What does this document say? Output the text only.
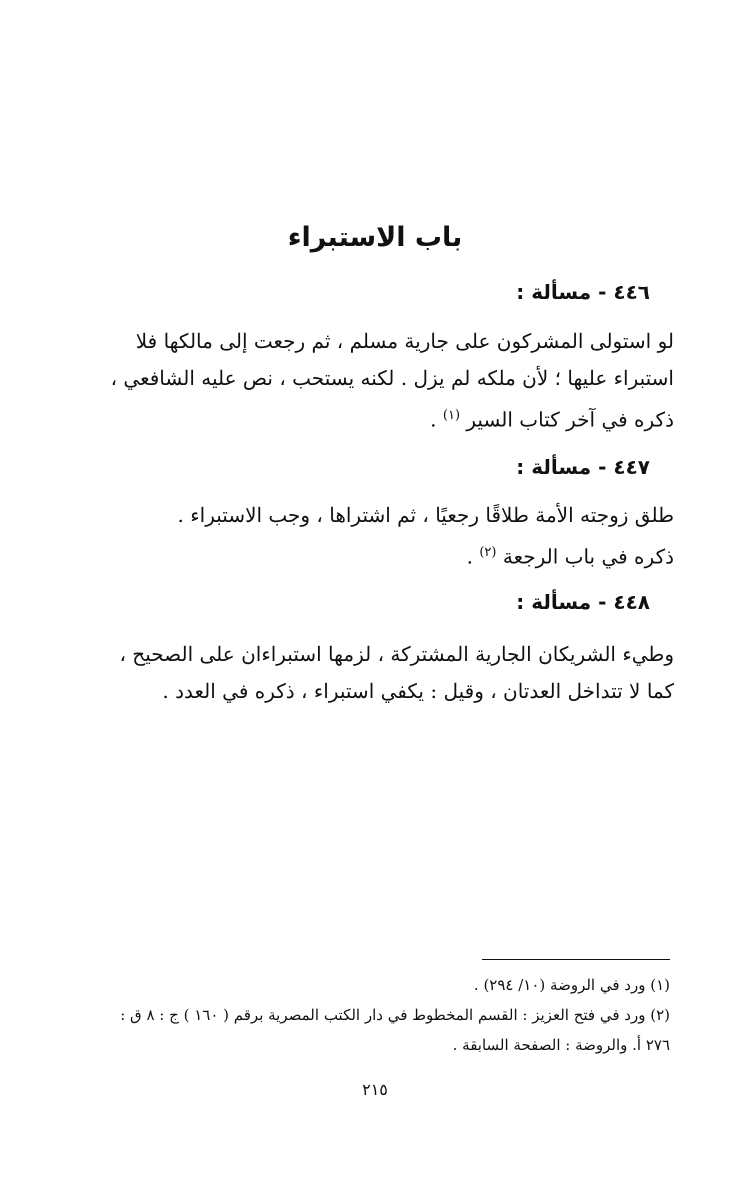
باب الاستبراء
٤٤٦ - مسألة :

لو استولى المشركون على جارية مسلم ، ثم رجعت إلى مالكها فلا

استبراء عليها ؛ لأن ملكه لم يزل . لكنه يستحب ، نص عليه الشافعي ،

ذكره في آخر كتاب السير $^{(١)}$ .

٤٤٧ - مسألة :

طلق زوجته الأمة طلاقًا رجعيًا ، ثم اشتراها ، وجب الاستبراء .

ذكره في باب الرجعة $^{(٢)}$ .

٤٤٨ - مسألة :

وطيء الشريكان الجارية المشتركة ، لزمها استبراءان على الصحيح ،

كما لا تتداخل العدتان ، وقيل : يكفي استبراء ، ذكره في العدد .

(١) ورد في الروضة (١٠/ ٢٩٤) .

(٢) ورد في فتح العزيز : القسم المخطوط في دار الكتب المصرية برقم ( ١٦٠ ) ج : ٨ ق :

٢٧٦ أ. والروضة : الصفحة السابقة .

٢١٥
